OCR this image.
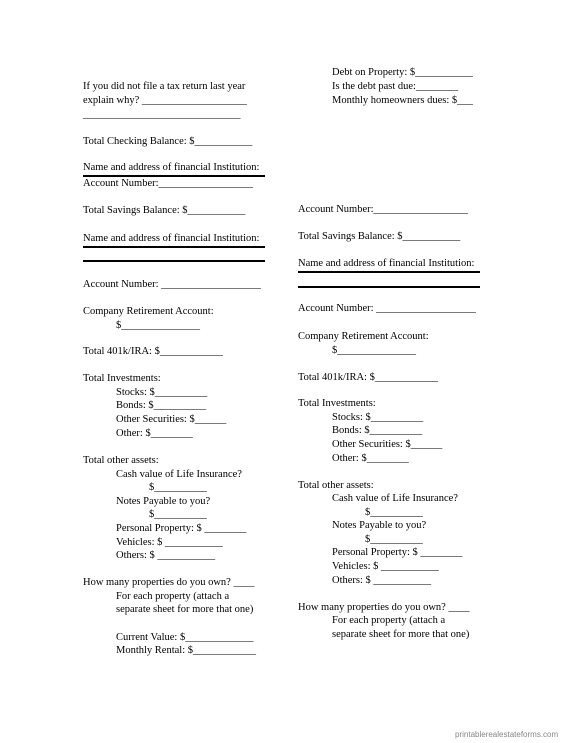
Debt on Property: $___________
Is the debt past due:________
Monthly homeowners dues: $___
If you did not file a tax return last year
explain why? ____________________
______________________________
Total Checking Balance: $___________
Name and address of financial Institution:
Account Number:__________________
Total Savings Balance: $___________
Name and address of financial Institution:
Account Number: ___________________
Company Retirement Account:
$_______________
Total 401k/IRA: $____________
Total Investments:
Stocks: $__________
Bonds: $__________
Other Securities: $______
Other: $________
Total other assets:
Cash value of Life Insurance?
$__________
Notes Payable to you?
$__________
Personal Property: $ ________
Vehicles: $ ___________
Others: $ ___________
How many properties do you own? ____
For each property (attach a
separate sheet for more that one)
Current Value: $_____________
Monthly Rental: $____________
Account Number:__________________
Total Savings Balance: $___________
Name and address of financial Institution:
Account Number: ___________________
Company Retirement Account:
$_______________
Total 401k/IRA: $____________
Total Investments:
Stocks: $__________
Bonds: $__________
Other Securities: $______
Other: $________
Total other assets:
Cash value of Life Insurance?
$__________
Notes Payable to you?
$__________
Personal Property: $ ________
Vehicles: $ ___________
Others: $ ___________
How many properties do you own? ____
For each property (attach a
separate sheet for more that one)
printablerealestateforms.com
